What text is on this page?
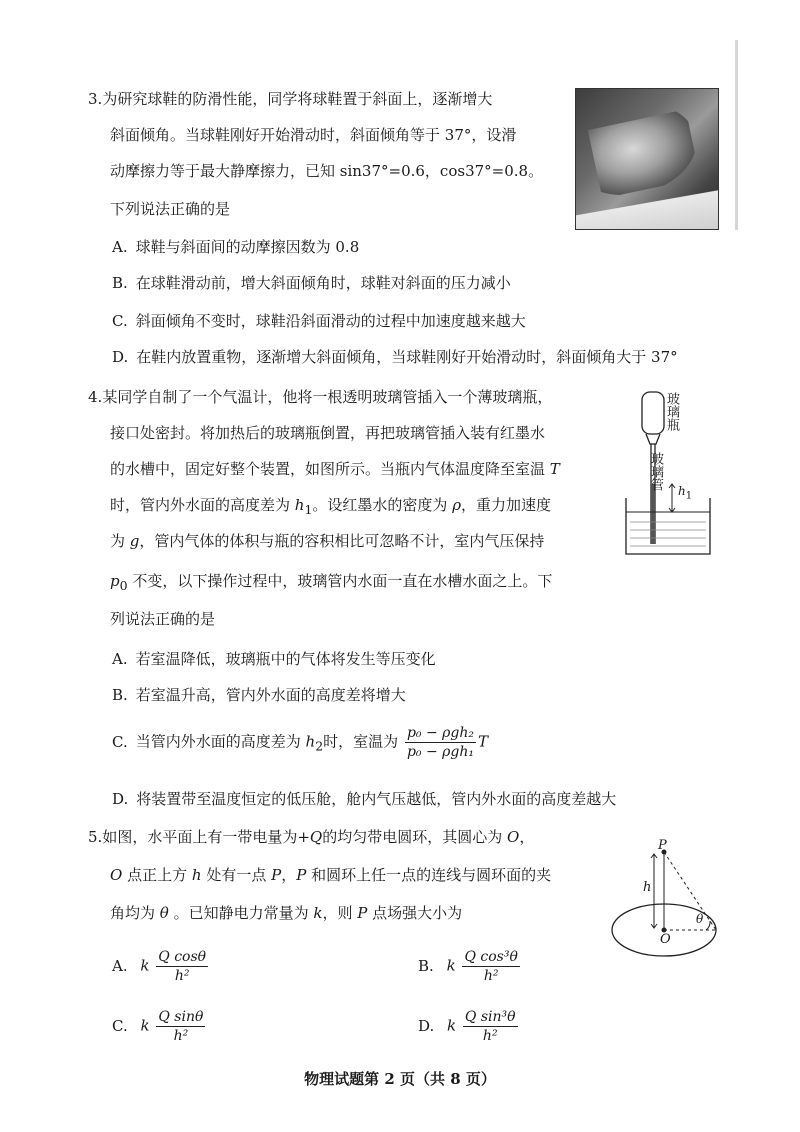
3.为研究球鞋的防滑性能，同学将球鞋置于斜面上，逐渐增大
斜面倾角。当球鞋刚好开始滑动时，斜面倾角等于 37°，设滑
动摩擦力等于最大静摩擦力，已知 sin37°=0.6，cos37°=0.8。
下列说法正确的是
A. 球鞋与斜面间的动摩擦因数为 0.8
B. 在球鞋滑动前，增大斜面倾角时，球鞋对斜面的压力减小
C. 斜面倾角不变时，球鞋沿斜面滑动的过程中加速度越来越大
D. 在鞋内放置重物，逐渐增大斜面倾角，当球鞋刚好开始滑动时，斜面倾角大于 37°
4.某同学自制了一个气温计，他将一根透明玻璃管插入一个薄玻璃瓶，
接口处密封。将加热后的玻璃瓶倒置，再把玻璃管插入装有红墨水
的水槽中，固定好整个装置，如图所示。当瓶内气体温度降至室温 T
时，管内外水面的高度差为 $h_1$。设红墨水的密度为 ρ，重力加速度
为 g，管内气体的体积与瓶的容积相比可忽略不计，室内气压保持
$p_0$ 不变，以下操作过程中，玻璃管内水面一直在水槽水面之上。下
列说法正确的是
玻璃瓶
玻璃管 $h_1$
A. 若室温降低，玻璃瓶中的气体将发生等压变化
B. 若室温升高，管内外水面的高度差将增大
C. 当管内外水面的高度差为 $h_2$时，室温为 $\frac{\text{p₀ − ρgh₂}}{\text{p₀ − ρgh₁}}$ T
D. 将装置带至温度恒定的低压舱，舱内气压越低，管内外水面的高度差越大
5.如图，水平面上有一带电量为+Q的均匀带电圆环，其圆心为 O，
O 点正上方 h 处有一点 P，P 和圆环上任一点的连线与圆环面的夹
角均为 θ 。已知静电力常量为 k，则 P 点场强大小为
P
h
O
θ
A. k $\frac{\text{Q cosθ}}{\text{h²}}$	B. k $\frac{\text{Q cos³θ}}{\text{h²}}$
C. k $\frac{\text{Q sinθ}}{\text{h²}}$	D. k $\frac{\text{Q sin³θ}}{\text{h²}}$
物理试题第 2 页（共 8 页）
